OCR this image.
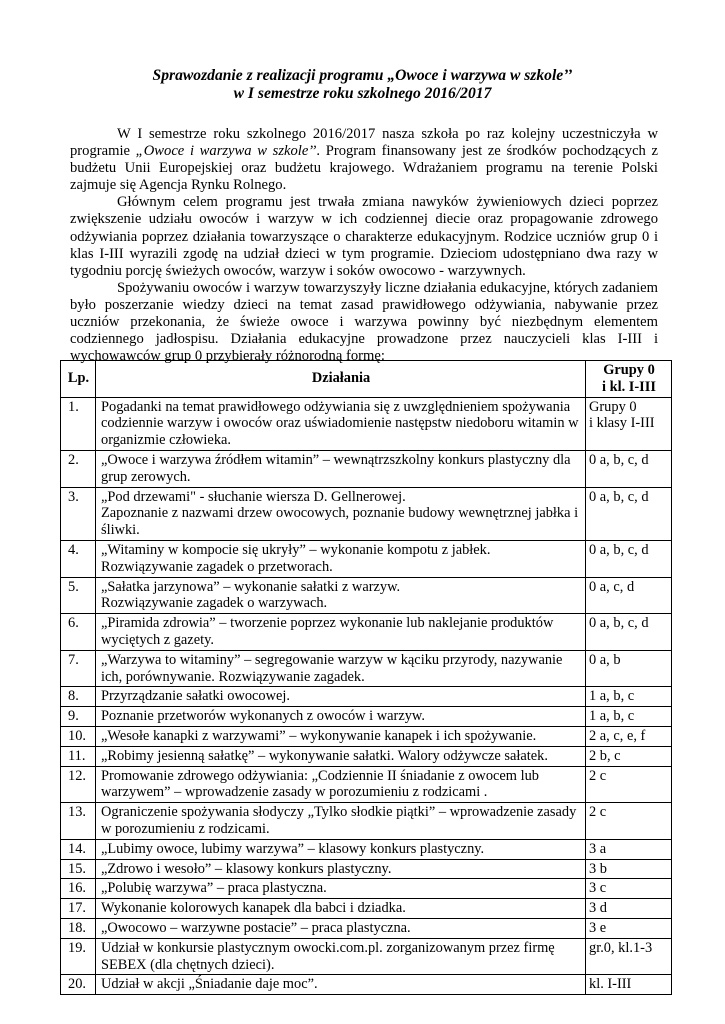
Sprawozdanie z realizacji programu „Owoce i warzywa w szkole’’
w I semestrze roku szkolnego 2016/2017

W I semestrze roku szkolnego 2016/2017 nasza szkoła po raz kolejny uczestniczyła w programie „Owoce i warzywa w szkole’’. Program finansowany jest ze środków pochodzących z budżetu Unii Europejskiej oraz budżetu krajowego. Wdrażaniem programu na terenie Polski zajmuje się Agencja Rynku Rolnego.

Głównym celem programu jest trwała zmiana nawyków żywieniowych dzieci poprzez zwiększenie udziału owoców i warzyw w ich codziennej diecie oraz propagowanie zdrowego odżywiania poprzez działania towarzyszące o charakterze edukacyjnym. Rodzice uczniów grup 0 i klas I-III wyrazili zgodę na udział dzieci w tym programie. Dzieciom udostępniano dwa razy w tygodniu porcję świeżych owoców, warzyw i soków owocowo - warzywnych.

Spożywaniu owoców i warzyw towarzyszyły liczne działania edukacyjne, których zadaniem było poszerzanie wiedzy dzieci na temat zasad prawidłowego odżywiania, nabywanie przez uczniów przekonania, że świeże owoce i warzywa powinny być niezbędnym elementem codziennego jadłospisu. Działania edukacyjne prowadzone przez nauczycieli klas I-III i wychowawców grup 0 przybierały różnorodną formę:

Lp.	Działania	Grupy 0
i kl. I-III
1.	Pogadanki na temat prawidłowego odżywiania się z uwzględnieniem spożywania codziennie warzyw i owoców oraz uświadomienie następstw niedoboru witamin w organizmie człowieka.	Grupy 0
i klasy I-III
2.	„Owoce i warzywa źródłem witamin” – wewnątrzszkolny konkurs plastyczny dla grup zerowych.	0 a, b, c, d
3.	„Pod drzewami" - słuchanie wiersza D. Gellnerowej.
Zapoznanie z nazwami drzew owocowych, poznanie budowy wewnętrznej jabłka i śliwki.	0 a, b, c, d
4.	„Witaminy w kompocie się ukryły” – wykonanie kompotu z jabłek.
Rozwiązywanie zagadek o przetworach.	0 a, b, c, d
5.	„Sałatka jarzynowa” – wykonanie sałatki z warzyw.
Rozwiązywanie zagadek o warzywach.	0 a, c, d
6.	„Piramida zdrowia” – tworzenie poprzez wykonanie lub naklejanie produktów wyciętych z gazety.	0 a, b, c, d
7.	„Warzywa to witaminy” – segregowanie warzyw w kąciku przyrody, nazywanie ich, porównywanie. Rozwiązywanie zagadek.	0 a, b
8.	Przyrządzanie sałatki owocowej.	1 a, b, c
9.	Poznanie przetworów wykonanych z owoców i warzyw.	1 a, b, c
10.	„Wesołe kanapki z warzywami” – wykonywanie kanapek i ich spożywanie.	2 a, c, e, f
11.	„Robimy jesienną sałatkę” – wykonywanie sałatki. Walory odżywcze sałatek.	2 b, c
12.	Promowanie zdrowego odżywiania: „Codziennie II śniadanie z owocem lub warzywem” – wprowadzenie zasady w porozumieniu z rodzicami .	2 c
13.	Ograniczenie spożywania słodyczy „Tylko słodkie piątki” – wprowadzenie zasady w porozumieniu z rodzicami.	2 c
14.	„Lubimy owoce, lubimy warzywa” – klasowy konkurs plastyczny.	3 a
15.	„Zdrowo i wesoło” – klasowy konkurs plastyczny.	3 b
16.	„Polubię warzywa” – praca plastyczna.	3 c
17.	Wykonanie kolorowych kanapek dla babci i dziadka.	3 d
18.	„Owocowo – warzywne postacie” – praca plastyczna.	3 e
19.	Udział w konkursie plastycznym owocki.com.pl. zorganizowanym przez firmę SEBEX (dla chętnych dzieci).	gr.0, kl.1-3
20.	Udział w akcji „Śniadanie daje moc”.	kl. I-III
